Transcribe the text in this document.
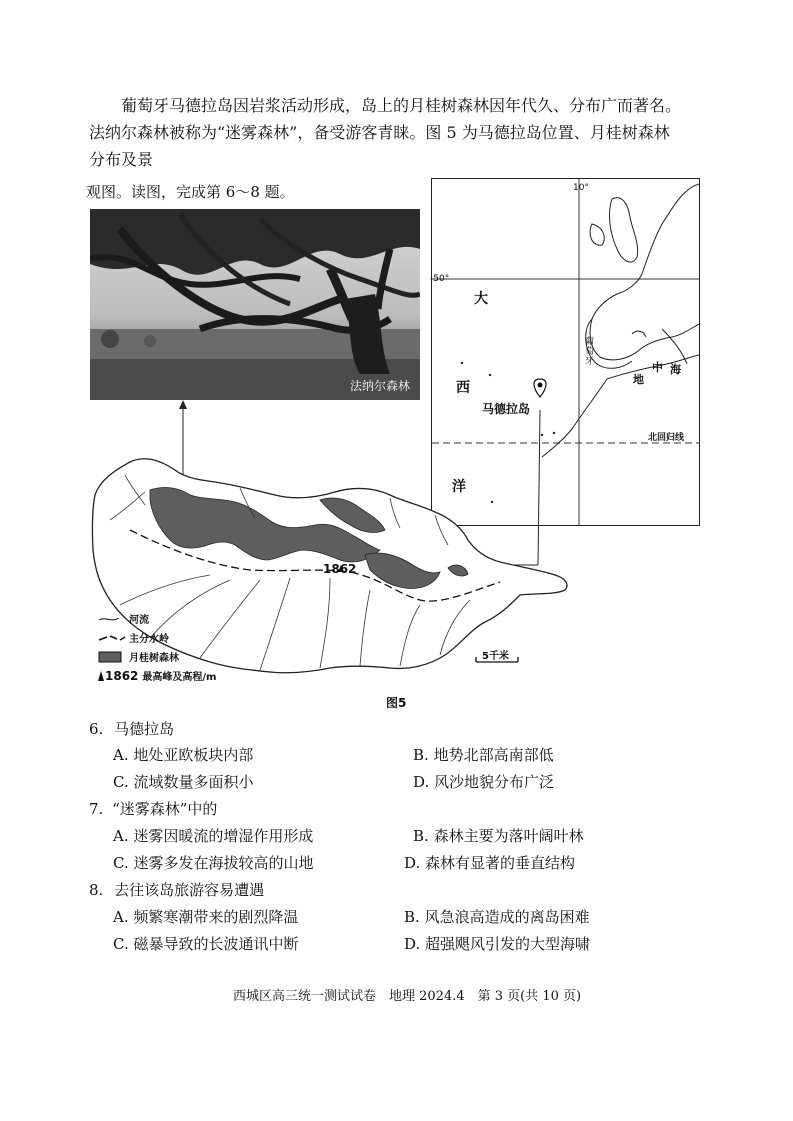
葡萄牙马德拉岛因岩浆活动形成，岛上的月桂树森林因年代久、分布广而著名。

法纳尔森林被称为“迷雾森林”，备受游客青睐。图 5 为马德拉岛位置、月桂树森林

分布及景

观图。读图，完成第 6～8 题。
法纳尔森林
10°
-50°
大
西
洋
葡萄牙
地
中 海
马德拉岛
北回归线
1862
5千米
河流
主分水岭
月桂树森林
1862 最高峰及高程/m
图5
6. 马德拉岛
A. 地处亚欧板块内部	B. 地势北部高南部低
C. 流域数量多面积小	D. 风沙地貌分布广泛
7. “迷雾森林”中的
A. 迷雾因暖流的增湿作用形成	B. 森林主要为落叶阔叶林
C. 迷雾多发在海拔较高的山地	D. 森林有显著的垂直结构
8. 去往该岛旅游容易遭遇
A. 频繁寒潮带来的剧烈降温	B. 风急浪高造成的离岛困难
C. 磁暴导致的长波通讯中断	D. 超强飓风引发的大型海啸
西城区高三统一测试试卷　地理 2024.4　第 3 页(共 10 页)
